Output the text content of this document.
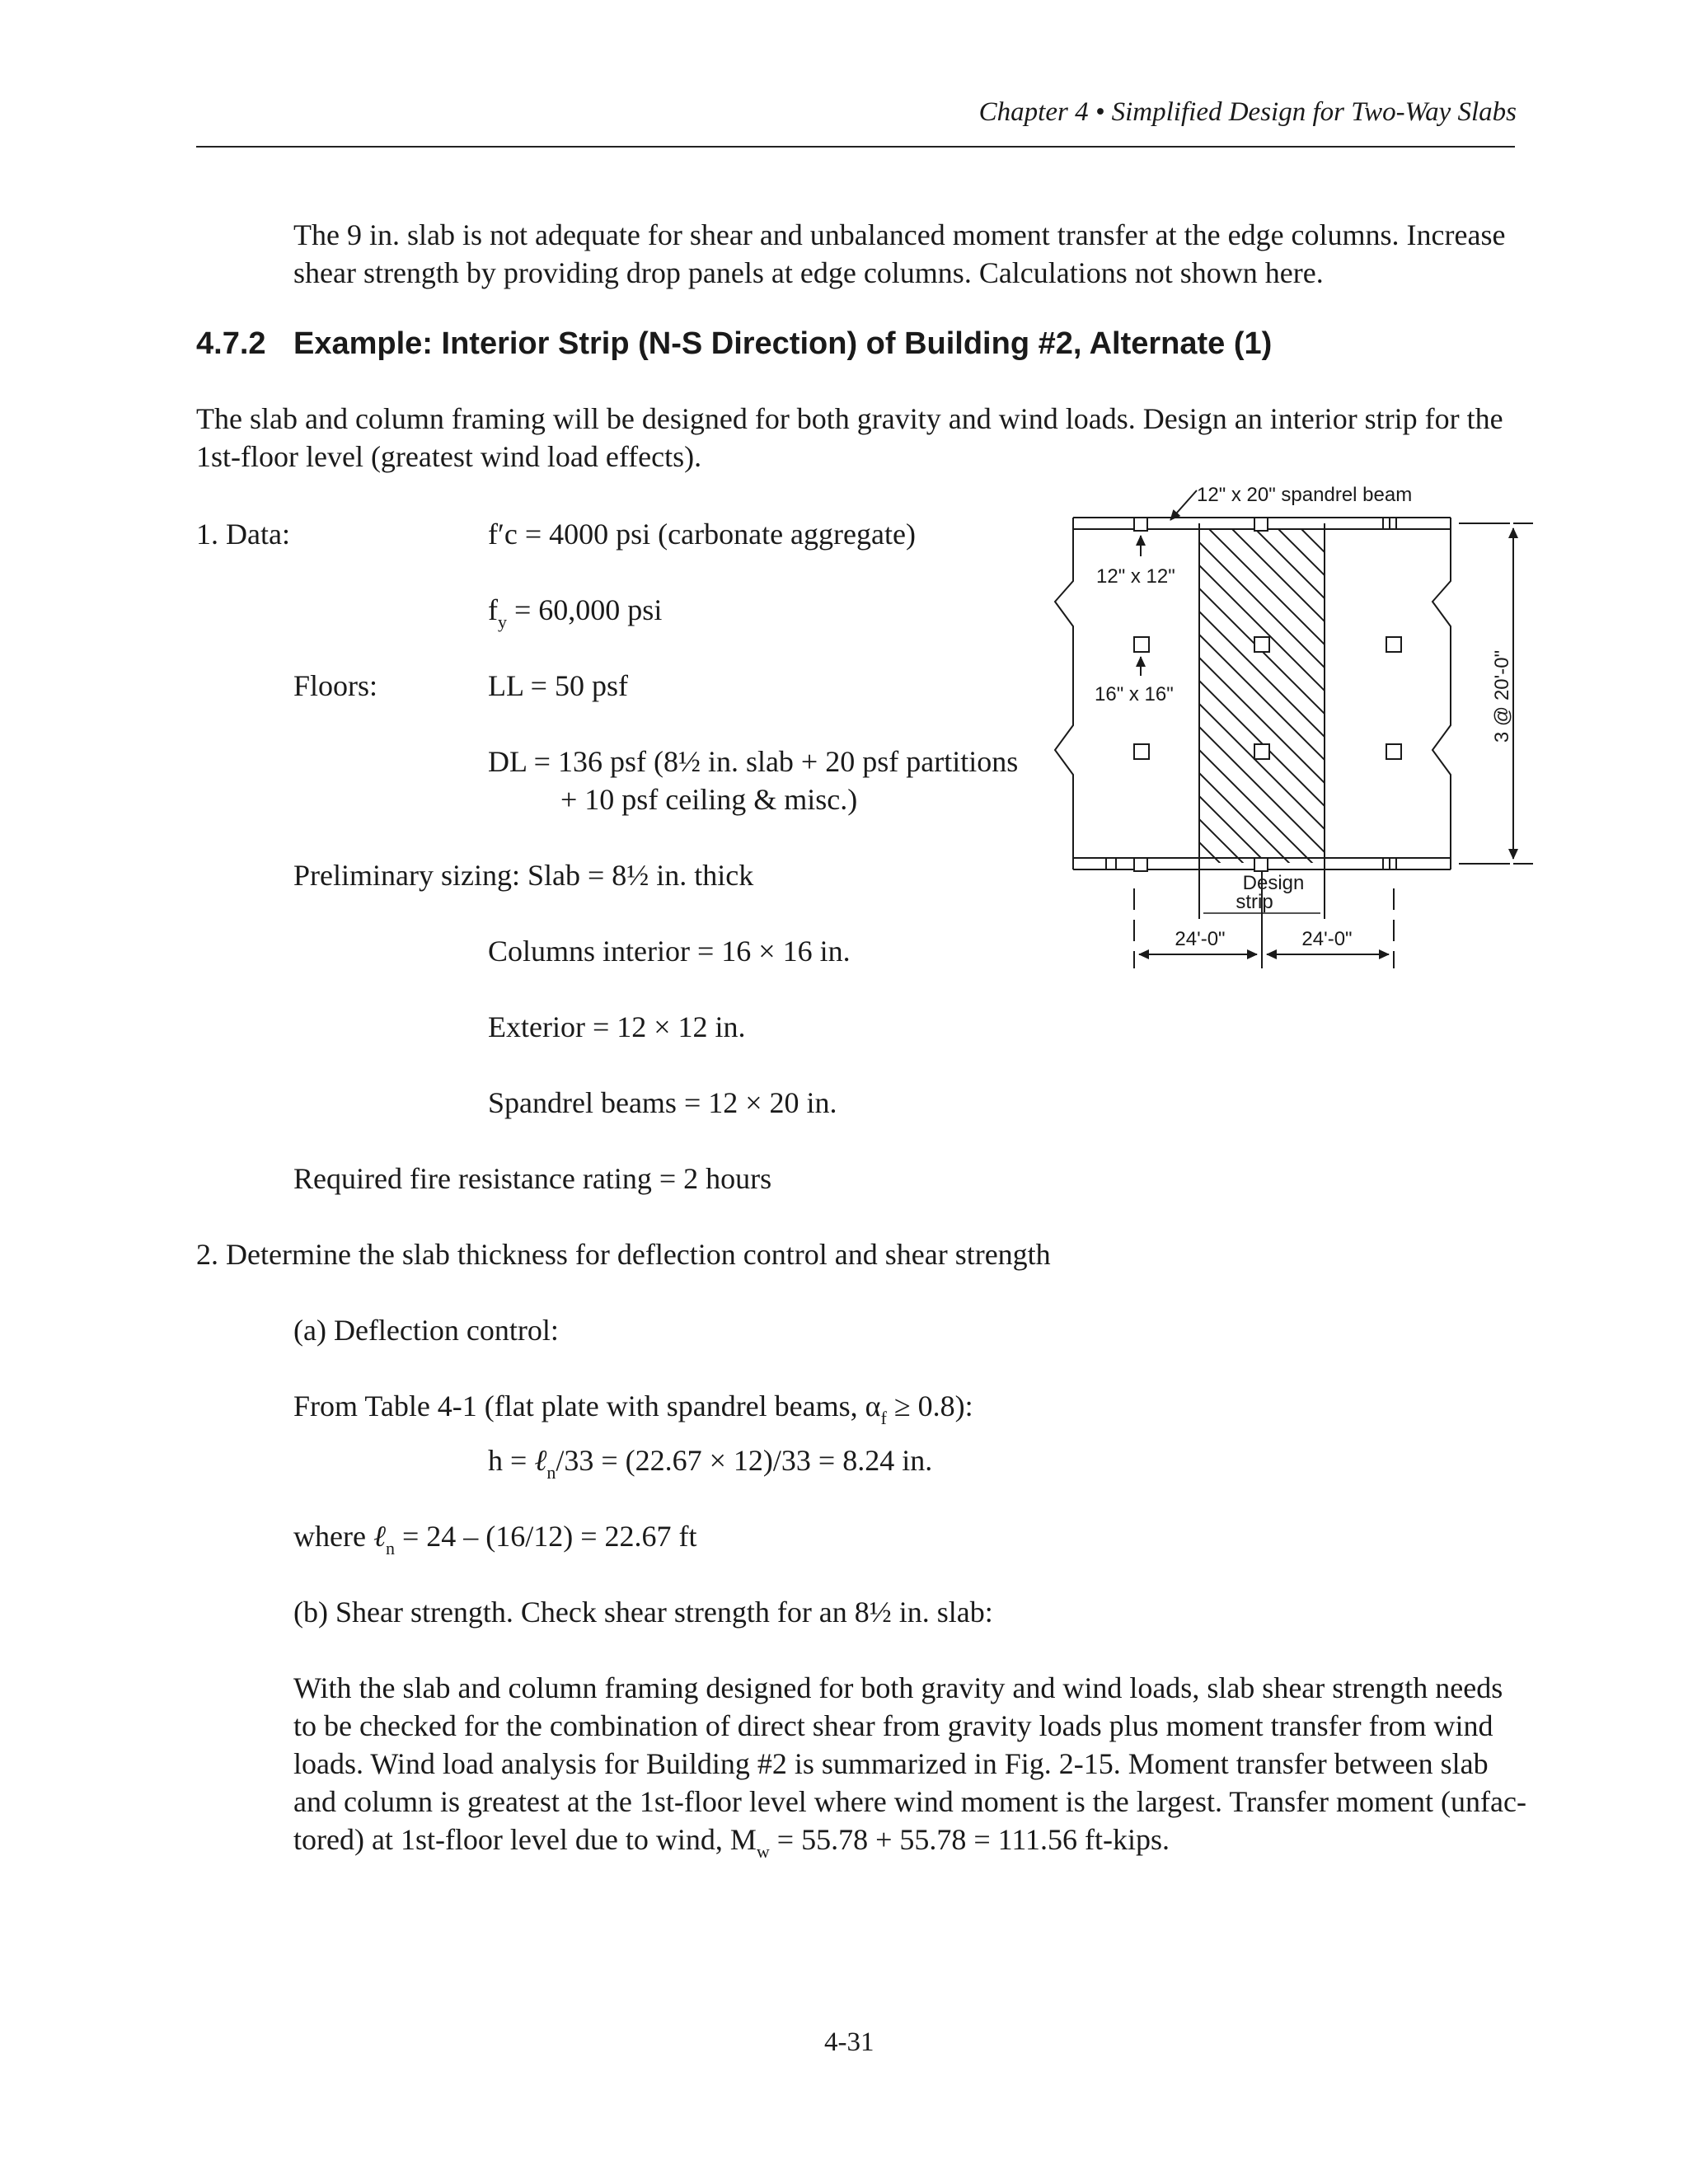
Chapter 4 • Simplified Design for Two-Way Slabs
The 9 in. slab is not adequate for shear and unbalanced moment transfer at the edge columns. Increase
shear strength by providing drop panels at edge columns. Calculations not shown here.
4.7.2 Example: Interior Strip (N-S Direction) of Building #2, Alternate (1)
The slab and column framing will be designed for both gravity and wind loads. Design an interior strip for the
1st-floor level (greatest wind load effects).
1. Data:	f′c = 4000 psi (carbonate aggregate)
$f_y = 60,000$ psi
Floors:	LL = 50 psf
DL = 136 psf (8½ in. slab + 20 psf partitions
+ 10 psf ceiling & misc.)
Preliminary sizing: Slab = 8½ in. thick
Columns interior = 16 × 16 in.
Exterior = 12 × 12 in.
Spandrel beams = 12 × 20 in.
Required fire resistance rating = 2 hours
2. Determine the slab thickness for deflection control and shear strength
(a) Deflection control:
From Table 4-1 (flat plate with spandrel beams, $\alpha_f \ge 0.8$):
h = ℓ$_n$/33 = (22.67 × 12)/33 = 8.24 in.
where ℓ$_n$ = 24 – (16/12) = 22.67 ft
(b) Shear strength. Check shear strength for an 8½ in. slab:
With the slab and column framing designed for both gravity and wind loads, slab shear strength needs
to be checked for the combination of direct shear from gravity loads plus moment transfer from wind
loads. Wind load analysis for Building #2 is summarized in Fig. 2-15. Moment transfer between slab
and column is greatest at the 1st-floor level where wind moment is the largest. Transfer moment (unfac-
tored) at 1st-floor level due to wind, $M_w = 55.78 + 55.78 = 111.56$ ft-kips.
12" x 20" spandrel beam
12" x 12"
16" x 16"	3 @ 20'-0"
Design
strip
24'-0"	24'-0"
4-31
